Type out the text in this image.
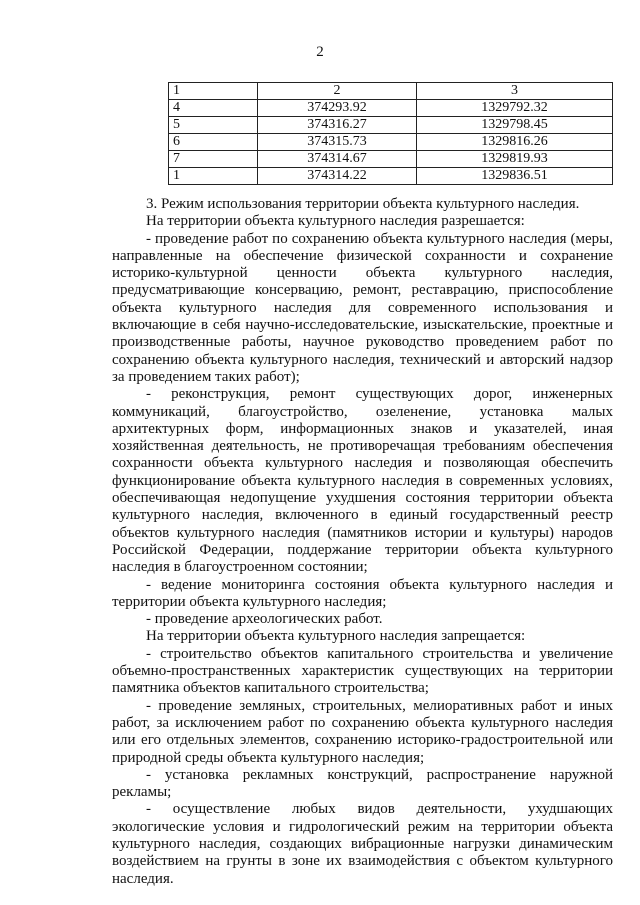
2
1	2	3
4	374293.92	1329792.32
5	374316.27	1329798.45
6	374315.73	1329816.26
7	374314.67	1329819.93
1	374314.22	1329836.51

3. Режим использования территории объекта культурного наследия.

На территории объекта культурного наследия разрешается:

- проведение работ по сохранению объекта культурного наследия (меры, направленные на обеспечение физической сохранности и сохранение историко-культурной ценности объекта культурного наследия, предусматривающие консервацию, ремонт, реставрацию, приспособление объекта культурного наследия для современного использования и включающие в себя научно-исследовательские, изыскательские, проектные и производственные работы, научное руководство проведением работ по сохранению объекта культурного наследия, технический и авторский надзор за проведением таких работ);

- реконструкция, ремонт существующих дорог, инженерных коммуникаций, благоустройство, озеленение, установка малых архитектурных форм, информационных знаков и указателей, иная хозяйственная деятельность, не противоречащая требованиям обеспечения сохранности объекта культурного наследия и позволяющая обеспечить функционирование объекта культурного наследия в современных условиях, обеспечивающая недопущение ухудшения состояния территории объекта культурного наследия, включенного в единый государственный реестр объектов культурного наследия (памятников истории и культуры) народов Российской Федерации, поддержание территории объекта культурного наследия в благоустроенном состоянии;

- ведение мониторинга состояния объекта культурного наследия и территории объекта культурного наследия;

- проведение археологических работ.

На территории объекта культурного наследия запрещается:

- строительство объектов капитального строительства и увеличение объемно-пространственных характеристик существующих на территории памятника объектов капитального строительства;

- проведение земляных, строительных, мелиоративных работ и иных работ, за исключением работ по сохранению объекта культурного наследия или его отдельных элементов, сохранению историко-градостроительной или природной среды объекта культурного наследия;

- установка рекламных конструкций, распространение наружной рекламы;

- осуществление любых видов деятельности, ухудшающих экологические условия и гидрологический режим на территории объекта культурного наследия, создающих вибрационные нагрузки динамическим воздействием на грунты в зоне их взаимодействия с объектом культурного наследия.
